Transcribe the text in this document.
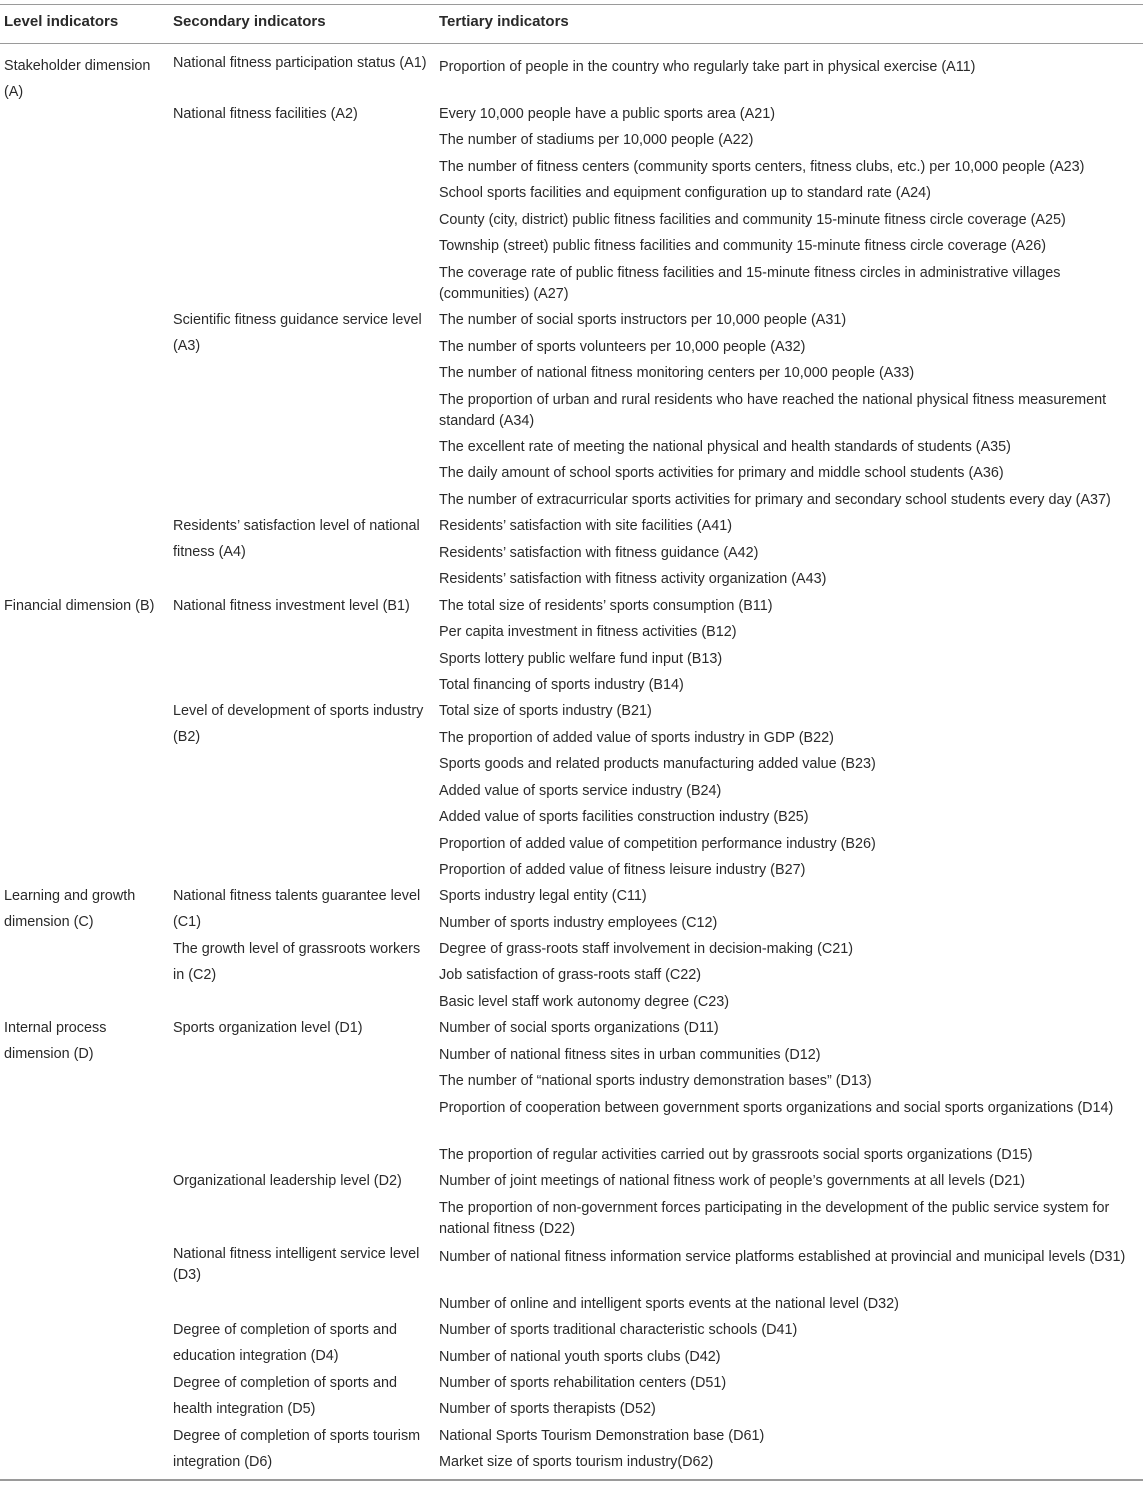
Level indicators	Secondary indicators	Tertiary indicators
Stakeholder dimension (A)
Financial dimension (B)
Learning and growth dimension (C)
Internal process dimension (D)
National fitness participation status (A1)
National fitness facilities (A2)
Scientific fitness guidance service level (A3)
Residents’ satisfaction level of national fitness (A4)
National fitness investment level (B1)
Level of development of sports industry (B2)
National fitness talents guarantee level (C1)
The growth level of grassroots workers in (C2)
Sports organization level (D1)
Organizational leadership level (D2)
National fitness intelligent service level (D3)
Degree of completion of sports and education integration (D4)
Degree of completion of sports and health integration (D5)
Degree of completion of sports tourism integration (D6)
Proportion of people in the country who regularly take part in physical exercise (A11)
Every 10,000 people have a public sports area (A21)
The number of stadiums per 10,000 people (A22)
The number of fitness centers (community sports centers, fitness clubs, etc.) per 10,000 people (A23)
School sports facilities and equipment configuration up to standard rate (A24)
County (city, district) public fitness facilities and community 15-minute fitness circle coverage (A25)
Township (street) public fitness facilities and community 15-minute fitness circle coverage (A26)
The coverage rate of public fitness facilities and 15-minute fitness circles in administrative villages (communities) (A27)
The number of social sports instructors per 10,000 people (A31)
The number of sports volunteers per 10,000 people (A32)
The number of national fitness monitoring centers per 10,000 people (A33)
The proportion of urban and rural residents who have reached the national physical fitness measurement standard (A34)
The excellent rate of meeting the national physical and health standards of students (A35)
The daily amount of school sports activities for primary and middle school students (A36)
The number of extracurricular sports activities for primary and secondary school students every day (A37)
Residents’ satisfaction with site facilities (A41)
Residents’ satisfaction with fitness guidance (A42)
Residents’ satisfaction with fitness activity organization (A43)
The total size of residents’ sports consumption (B11)
Per capita investment in fitness activities (B12)
Sports lottery public welfare fund input (B13)
Total financing of sports industry (B14)
Total size of sports industry (B21)
The proportion of added value of sports industry in GDP (B22)
Sports goods and related products manufacturing added value (B23)
Added value of sports service industry (B24)
Added value of sports facilities construction industry (B25)
Proportion of added value of competition performance industry (B26)
Proportion of added value of fitness leisure industry (B27)
Sports industry legal entity (C11)
Number of sports industry employees (C12)
Degree of grass-roots staff involvement in decision-making (C21)
Job satisfaction of grass-roots staff (C22)
Basic level staff work autonomy degree (C23)
Number of social sports organizations (D11)
Number of national fitness sites in urban communities (D12)
The number of “national sports industry demonstration bases” (D13)
Proportion of cooperation between government sports organizations and social sports organizations (D14)
The proportion of regular activities carried out by grassroots social sports organizations (D15)
Number of joint meetings of national fitness work of people’s governments at all levels (D21)
The proportion of non-government forces participating in the development of the public service system for national fitness (D22)
Number of national fitness information service platforms established at provincial and municipal levels (D31)
Number of online and intelligent sports events at the national level (D32)
Number of sports traditional characteristic schools (D41)
Number of national youth sports clubs (D42)
Number of sports rehabilitation centers (D51)
Number of sports therapists (D52)
National Sports Tourism Demonstration base (D61)
Market size of sports tourism industry(D62)
